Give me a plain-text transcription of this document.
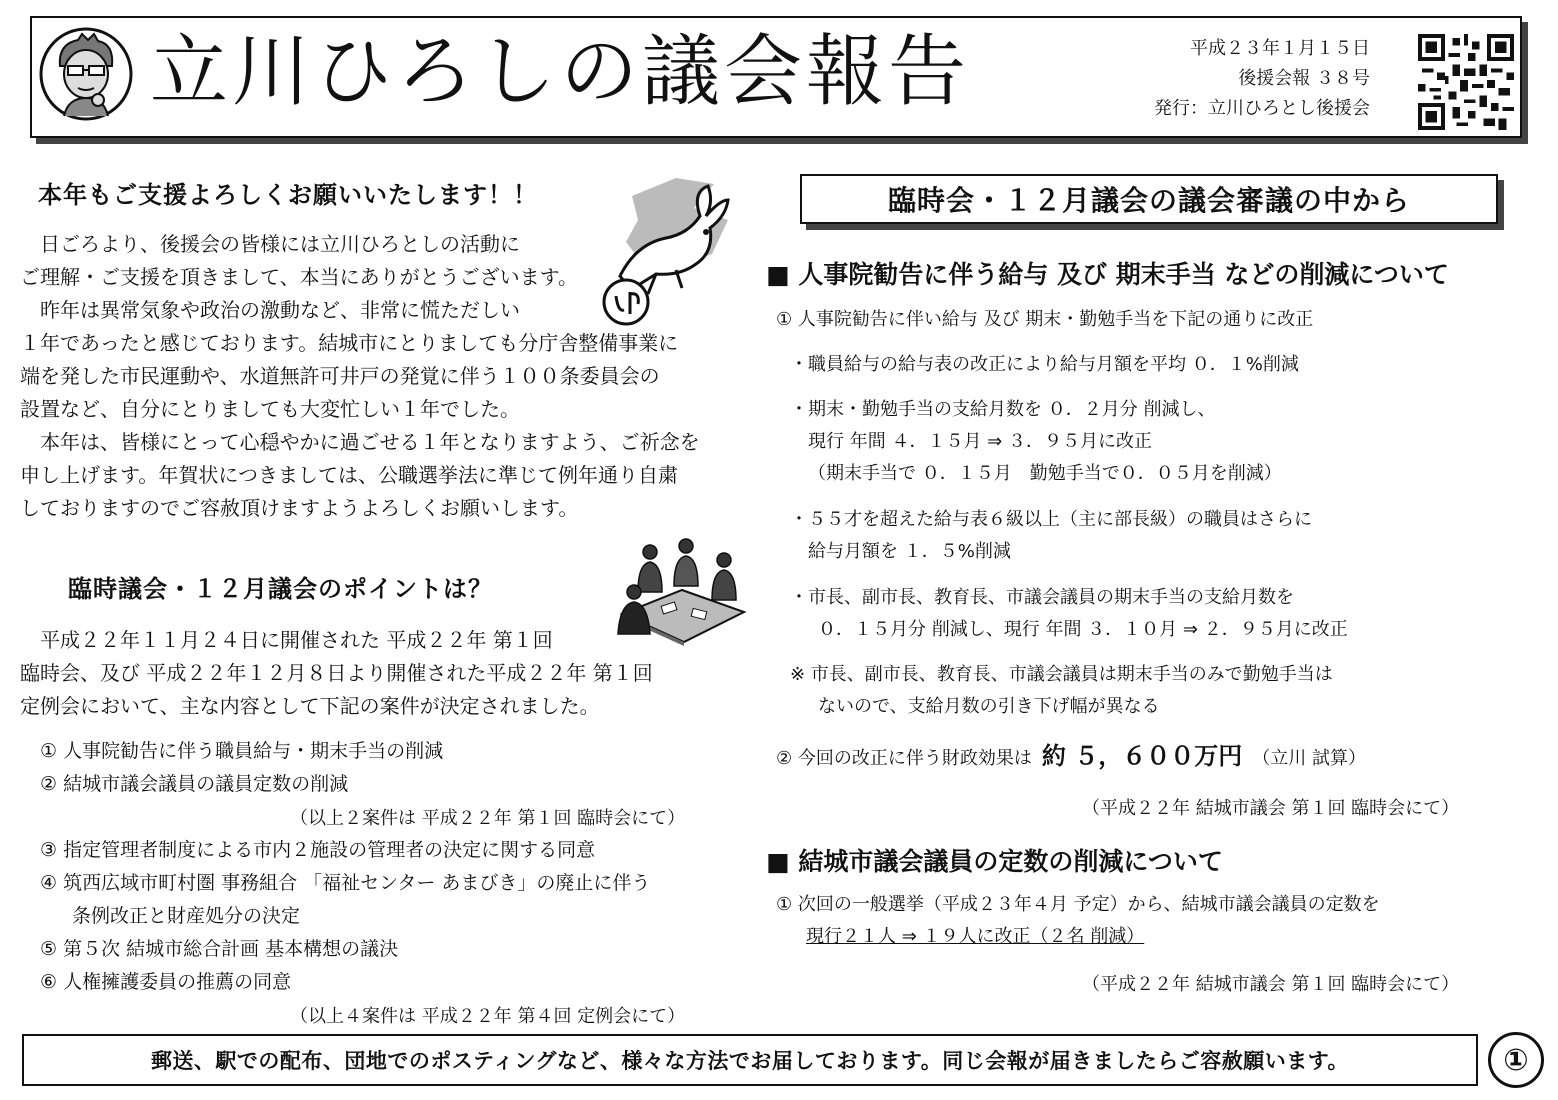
立川ひろしの議会報告	平成２３年１月１５日
後援会報 ３８号
発行：立川ひろとし後援会
本年もご支援よろしくお願いいたします！！

日ごろより、後援会の皆様には立川ひろとしの活動に

ご理解・ご支援を頂きまして、本当にありがとうございます。

昨年は異常気象や政治の激動など、非常に慌ただしい

１年であったと感じております。結城市にとりましても分庁舎整備事業に

端を発した市民運動や、水道無許可井戸の発覚に伴う１００条委員会の

設置など、自分にとりましても大変忙しい１年でした。

本年は、皆様にとって心穏やかに過ごせる１年となりますよう、ご祈念を

申し上げます。年賀状につきましては、公職選挙法に準じて例年通り自粛

しておりますのでご容赦頂けますようよろしくお願いします。

臨時議会・１２月議会のポイントは？

平成２２年１１月２４日に開催された 平成２２年 第１回

臨時会、及び 平成２２年１２月８日より開催された平成２２年 第１回

定例会において、主な内容として下記の案件が決定されました。

① 人事院勧告に伴う職員給与・期末手当の削減
② 結城市議会議員の議員定数の削減
（以上２案件は 平成２２年 第１回 臨時会にて）
③ 指定管理者制度による市内２施設の管理者の決定に関する同意
④ 筑西広域市町村圏 事務組合 「福祉センター あまびき」の廃止に伴う
条例改正と財産処分の決定
⑤ 第５次 結城市総合計画 基本構想の議決
⑥ 人権擁護委員の推薦の同意
（以上４案件は 平成２２年 第４回 定例会にて）
臨時会・１２月議会の議会審議の中から
■ 人事院勧告に伴う給与 及び 期末手当 などの削減について
① 人事院勧告に伴い給与 及び 期末・勤勉手当を下記の通りに改正
・職員給与の給与表の改正により給与月額を平均 ０．１%削減
・期末・勤勉手当の支給月数を ０．２月分 削減し、
現行 年間 ４．１５月 ⇒ ３．９５月に改正
（期末手当で ０．１５月　勤勉手当で０．０５月を削減）
・５５才を超えた給与表６級以上（主に部長級）の職員はさらに
給与月額を １．５%削減
・市長、副市長、教育長、市議会議員の期末手当の支給月数を
０．１５月分 削減し、現行 年間 ３．１０月 ⇒ ２．９５月に改正
※ 市長、副市長、教育長、市議会議員は期末手当のみで勤勉手当は
ないので、支給月数の引き下げ幅が異なる
② 今回の改正に伴う財政効果は 約 ５，６００万円 （立川 試算）
（平成２２年 結城市議会 第１回 臨時会にて）
■ 結城市議会議員の定数の削減について
① 次回の一般選挙（平成２３年４月 予定）から、結城市議会議員の定数を
現行２１人 ⇒ １９人に改正（２名 削減）
（平成２２年 結城市議会 第１回 臨時会にて）
郵送、駅での配布、団地でのポスティングなど、様々な方法でお届しております。同じ会報が届きましたらご容赦願います。	①
